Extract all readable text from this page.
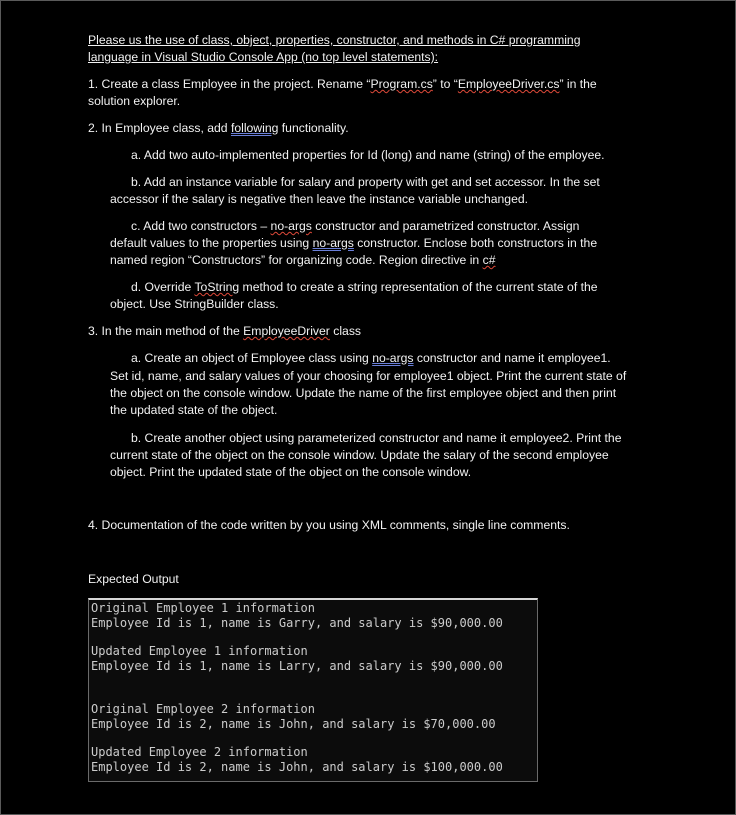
Please us the use of class, object, properties, constructor, and methods in C# programming

language in Visual Studio Console App (no top level statements):

1. Create a class Employee in the project. Rename “Program.cs” to “EmployeeDriver.cs” in the

solution explorer.

2. In Employee class, add following functionality.

a. Add two auto-implemented properties for Id (long) and name (string) of the employee.

b. Add an instance variable for salary and property with get and set accessor. In the set

accessor if the salary is negative then leave the instance variable unchanged.

c. Add two constructors – no-args constructor and parametrized constructor. Assign

default values to the properties using no-args constructor. Enclose both constructors in the

named region “Constructors” for organizing code. Region directive in c#

d. Override ToString method to create a string representation of the current state of the

object. Use StringBuilder class.

3. In the main method of the EmployeeDriver class

a. Create an object of Employee class using no-args constructor and name it employee1.

Set id, name, and salary values of your choosing for employee1 object. Print the current state of

the object on the console window. Update the name of the first employee object and then print

the updated state of the object.

b. Create another object using parameterized constructor and name it employee2. Print the

current state of the object on the console window. Update the salary of the second employee

object. Print the updated state of the object on the console window.

4. Documentation of the code written by you using XML comments, single line comments.

Expected Output

Original Employee 1 information
Employee Id is 1, name is Garry, and salary is $90,000.00
Updated Employee 1 information
Employee Id is 1, name is Larry, and salary is $90,000.00
Original Employee 2 information
Employee Id is 2, name is John, and salary is $70,000.00
Updated Employee 2 information
Employee Id is 2, name is John, and salary is $100,000.00
